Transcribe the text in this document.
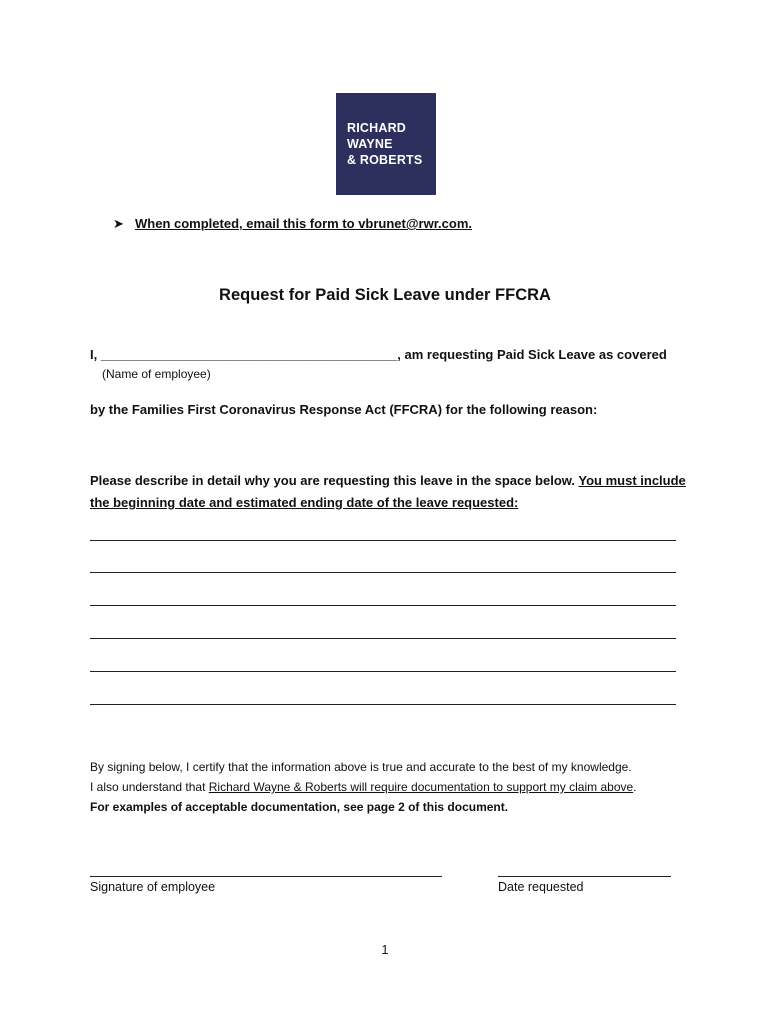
RICHARD
WAYNE
& ROBERTS
➤ When completed, email this form to vbrunet@rwr.com.
Request for Paid Sick Leave under FFCRA
I, _________________________________________, am requesting Paid Sick Leave as covered
(Name of employee)
by the Families First Coronavirus Response Act (FFCRA) for the following reason:
Please describe in detail why you are requesting this leave in the space below. You must include the beginning date and estimated ending date of the leave requested:
By signing below, I certify that the information above is true and accurate to the best of my knowledge.
I also understand that Richard Wayne & Roberts will require documentation to support my claim above.
For examples of acceptable documentation, see page 2 of this document.
Signature of employee	Date requested
1
